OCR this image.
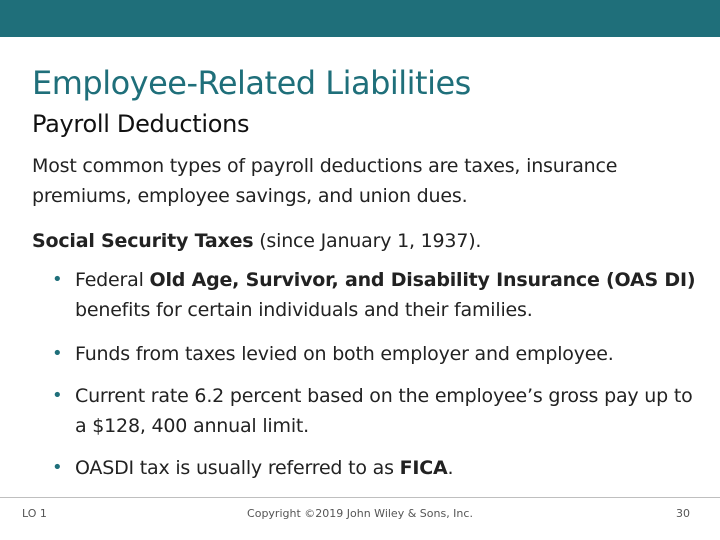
Employee-Related Liabilities
Payroll Deductions

Most common types of payroll deductions are taxes, insurance premiums, employee savings, and union dues.

Social Security Taxes (since January 1, 1937).

• Federal Old Age, Survivor, and Disability Insurance (OAS DI) benefits for certain individuals and their families.
• Funds from taxes levied on both employer and employee.
• Current rate 6.2 percent based on the employee’s gross pay up to a $128, 400 annual limit.
• OASDI tax is usually referred to as FICA.
LO 1	Copyright ©2019 John Wiley & Sons, Inc.	30
